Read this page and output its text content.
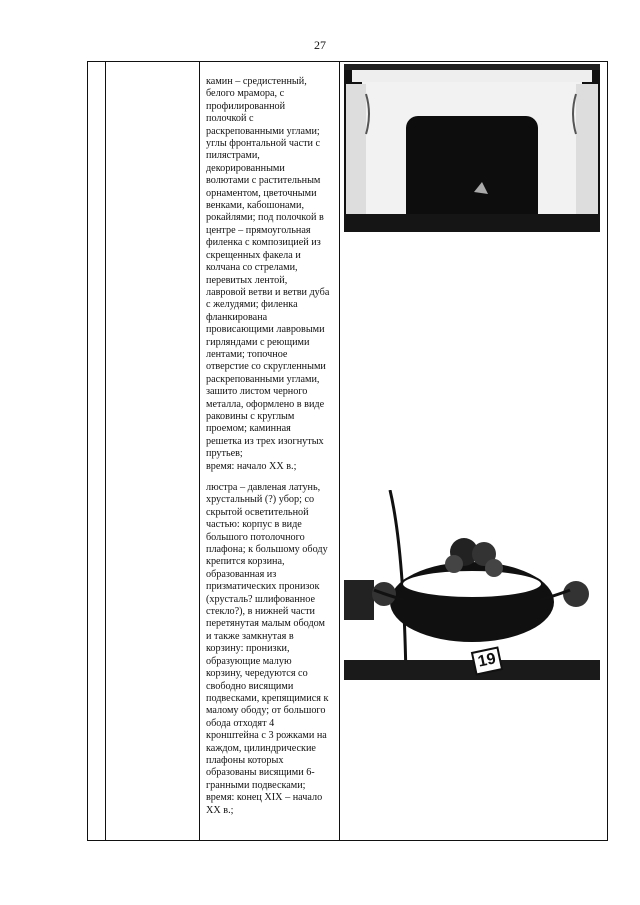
27
камин – средистенный,
белого мрамора, с
профилированной
полочкой с
раскрепованными углами;
углы фронтальной части с
пилястрами,
декорированными
волютами с растительным
орнаментом, цветочными
венками, кабошонами,
рокайлями; под полочкой в
центре – прямоугольная
филенка с композицией из
скрещенных факела и
колчана со стрелами,
перевитых лентой,
лавровой ветви и ветви дуба
с желудями; филенка
фланкирована
провисающими лавровыми
гирляндами с реющими
лентами; топочное
отверстие со скругленными
раскрепованными углами,
зашито листом черного
металла, оформлено в виде
раковины с круглым
проемом; каминная
решетка из трех изогнутых
прутьев;
время: начало XX в.;
люстра – давленая латунь,
хрустальный (?) убор; со
скрытой осветительной
частью: корпус в виде
большого потолочного
плафона; к большому ободу
крепится корзина,
образованная из
призматических пронизок
(хрусталь? шлифованное
стекло?), в нижней части
перетянутая малым ободом
и также замкнутая в
корзину: пронизки,
образующие малую
корзину, чередуются со
свободно висящими
подвесками, крепящимися к
малому ободу; от большого
обода отходят 4
кронштейна с 3 рожками на
каждом, цилиндрические
плафоны которых
образованы висящими 6-
гранными подвесками;
время: конец XIX – начало
XX в.;
19
